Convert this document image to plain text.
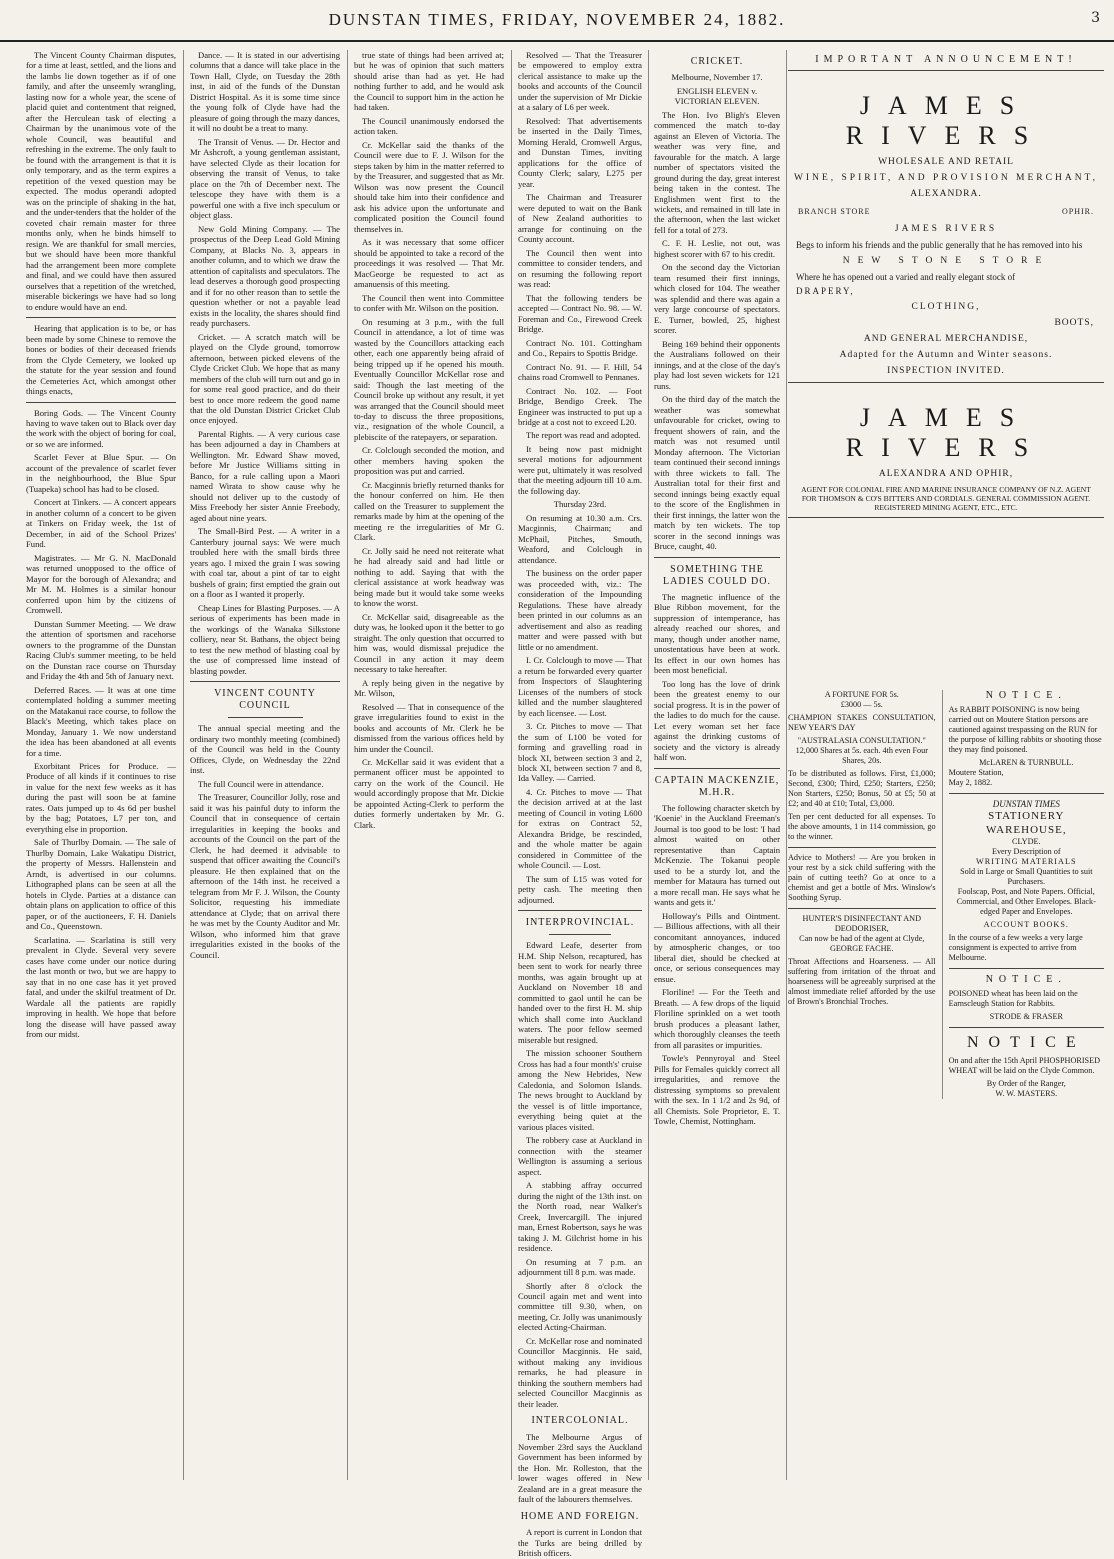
DUNSTAN TIMES, FRIDAY, NOVEMBER 24, 1882.	3

The Vincent County Chairman disputes, for a time at least, settled, and the lions and the lambs lie down together as if of one family, and after the unseemly wrangling, lasting now for a whole year, the scene of placid quiet and contentment that reigned, after the Herculean task of electing a Chairman by the unanimous vote of the whole Council, was beautiful and refreshing in the extreme. The only fault to be found with the arrangement is that it is only temporary, and as the term expires a repetition of the vexed question may be expected. The modus operandi adopted was on the principle of shaking in the hat, and the under-tenders that the holder of the coveted chair remain master for three months only, when he binds himself to resign. We are thankful for small mercies, but we should have been more thankful had the arrangement been more complete and final, and we could have then assured ourselves that a repetition of the wretched, miserable bickerings we have had so long to endure would have an end.

Hearing that application is to be, or has been made by some Chinese to remove the bones or bodies of their deceased friends from the Clyde Cemetery, we looked up the statute for the year session and found the Cemeteries Act, which amongst other things enacts,

Boring Gods. — The Vincent County having to wave taken out to Black over day the work with the object of boring for coal, or so we are informed.

Scarlet Fever at Blue Spur. — On account of the prevalence of scarlet fever in the neighbourhood, the Blue Spur (Tuapeka) school has had to be closed.

Concert at Tinkers. — A concert appears in another column of a concert to be given at Tinkers on Friday week, the 1st of December, in aid of the School Prizes' Fund.

Magistrates. — Mr G. N. MacDonald was returned unopposed to the office of Mayor for the borough of Alexandra; and Mr M. M. Holmes is a similar honour conferred upon him by the citizens of Cromwell.

Dunstan Summer Meeting. — We draw the attention of sportsmen and racehorse owners to the programme of the Dunstan Racing Club's summer meeting, to be held on the Dunstan race course on Thursday and Friday the 4th and 5th of January next.

Deferred Races. — It was at one time contemplated holding a summer meeting on the Matakanui race course, to follow the Black's Meeting, which takes place on Monday, January 1. We now understand the idea has been abandoned at all events for a time.

Exorbitant Prices for Produce. — Produce of all kinds if it continues to rise in value for the next few weeks as it has during the past will soon be at famine rates. Oats jumped up to 4s 6d per bushel by the bag; Potatoes, L7 per ton, and everything else in proportion.

Sale of Thurlby Domain. — The sale of Thurlby Domain, Lake Wakatipu District, the property of Messrs. Hallenstein and Arndt, is advertised in our columns. Lithographed plans can be seen at all the hotels in Clyde. Parties at a distance can obtain plans on application to office of this paper, or of the auctioneers, F. H. Daniels and Co., Queenstown.

Scarlatina. — Scarlatina is still very prevalent in Clyde. Several very severe cases have come under our notice during the last month or two, but we are happy to say that in no one case has it yet proved fatal, and under the skilful treatment of Dr. Wardale all the patients are rapidly improving in health. We hope that before long the disease will have passed away from our midst.

Dance. — It is stated in our advertising columns that a dance will take place in the Town Hall, Clyde, on Tuesday the 28th inst, in aid of the funds of the Dunstan District Hospital. As it is some time since the young folk of Clyde have had the pleasure of going through the mazy dances, it will no doubt be a treat to many.

The Transit of Venus. — Dr. Hector and Mr Ashcroft, a young gentleman assistant, have selected Clyde as their location for observing the transit of Venus, to take place on the 7th of December next. The telescope they have with them is a powerful one with a five inch speculum or object glass.

New Gold Mining Company. — The prospectus of the Deep Lead Gold Mining Company, at Blacks No. 3, appears in another column, and to which we draw the attention of capitalists and speculators. The lead deserves a thorough good prospecting and if for no other reason than to settle the question whether or not a payable lead exists in the locality, the shares should find ready purchasers.

Cricket. — A scratch match will be played on the Clyde ground, tomorrow afternoon, between picked elevens of the Clyde Cricket Club. We hope that as many members of the club will turn out and go in for some real good practice, and do their best to once more redeem the good name that the old Dunstan District Cricket Club once enjoyed.

Parental Rights. — A very curious case has been adjourned a day in Chambers at Wellington. Mr. Edward Shaw moved, before Mr Justice Williams sitting in Banco, for a rule calling upon a Maori named Wirata to show cause why he should not deliver up to the custody of Miss Freebody her sister Annie Freebody, aged about nine years.

The Small-Bird Pest. — A writer in a Canterbury journal says: We were much troubled here with the small birds three years ago. I mixed the grain I was sowing with coal tar, about a pint of tar to eight bushels of grain; first emptied the grain out on a floor as I wanted it properly.

Cheap Lines for Blasting Purposes. — A serious of experiments has been made in the workings of the Wanaka Silkstone colliery, near St. Bathans, the object being to test the new method of blasting coal by the use of compressed lime instead of blasting powder.

VINCENT COUNTY COUNCIL

The annual special meeting and the ordinary two monthly meeting (combined) of the Council was held in the County Offices, Clyde, on Wednesday the 22nd inst.

The full Council were in attendance.

The Treasurer, Councillor Jolly, rose and said it was his painful duty to inform the Council that in consequence of certain irregularities in keeping the books and accounts of the Council on the part of the Clerk, he had deemed it advisable to suspend that officer awaiting the Council's pleasure. He then explained that on the afternoon of the 14th inst. he received a telegram from Mr F. J. Wilson, the County Solicitor, requesting his immediate attendance at Clyde; that on arrival there he was met by the County Auditor and Mr. Wilson, who informed him that grave irregularities existed in the books of the Council.

true state of things had been arrived at; but he was of opinion that such matters should arise than had as yet. He had nothing further to add, and he would ask the Council to support him in the action he had taken.

The Council unanimously endorsed the action taken.

Cr. McKellar said the thanks of the Council were due to F. J. Wilson for the steps taken by him in the matter referred to by the Treasurer, and suggested that as Mr. Wilson was now present the Council should take him into their confidence and ask his advice upon the unfortunate and complicated position the Council found themselves in.

As it was necessary that some officer should be appointed to take a record of the proceedings it was resolved — That Mr. MacGeorge be requested to act as amanuensis of this meeting.

The Council then went into Committee to confer with Mr. Wilson on the position.

On resuming at 3 p.m., with the full Council in attendance, a lot of time was wasted by the Councillors attacking each other, each one apparently being afraid of being tripped up if he opened his mouth. Eventually Councillor McKellar rose and said: Though the last meeting of the Council broke up without any result, it yet was arranged that the Council should meet to-day to discuss the three propositions, viz., resignation of the whole Council, a plebiscite of the ratepayers, or separation.

Cr. Colclough seconded the motion, and other members having spoken the proposition was put and carried.

Cr. Macginnis briefly returned thanks for the honour conferred on him. He then called on the Treasurer to supplement the remarks made by him at the opening of the meeting re the irregularities of Mr G. Clark.

Cr. Jolly said he need not reiterate what he had already said and had little or nothing to add. Saying that with the clerical assistance at work headway was being made but it would take some weeks to know the worst.

Cr. McKellar said, disagreeable as the duty was, he looked upon it the better to go straight. The only question that occurred to him was, would dismissal prejudice the Council in any action it may deem necessary to take hereafter.

A reply being given in the negative by Mr. Wilson,

Resolved — That in consequence of the grave irregularities found to exist in the books and accounts of Mr. Clerk he be dismissed from the various offices held by him under the Council.

Cr. McKellar said it was evident that a permanent officer must be appointed to carry on the work of the Council. He would accordingly propose that Mr. Dickie be appointed Acting-Clerk to perform the duties formerly undertaken by Mr. G. Clark.

Resolved — That the Treasurer be empowered to employ extra clerical assistance to make up the books and accounts of the Council under the supervision of Mr Dickie at a salary of L6 per week.

Resolved: That advertisements be inserted in the Daily Times, Morning Herald, Cromwell Argus, and Dunstan Times, inviting applications for the office of County Clerk; salary, L275 per year.

The Chairman and Treasurer were deputed to wait on the Bank of New Zealand authorities to arrange for continuing on the County account.

The Council then went into committee to consider tenders, and on resuming the following report was read:

That the following tenders be accepted — Contract No. 98. — W. Foreman and Co., Firewood Creek Bridge.

Contract No. 101. Cottingham and Co., Repairs to Spottis Bridge.

Contract No. 91. — F. Hill, 54 chains road Cromwell to Pennanes.

Contract No. 102. — Foot Bridge, Bendigo Creek. The Engineer was instructed to put up a bridge at a cost not to exceed L20.

The report was read and adopted.

It being now past midnight several motions for adjournment were put, ultimately it was resolved that the meeting adjourn till 10 a.m. the following day.

Thursday 23rd.

On resuming at 10.30 a.m. Crs. Macginnis, Chairman; and McPhail, Pitches, Smouth, Weaford, and Colclough in attendance.

The business on the order paper was proceeded with, viz.: The consideration of the Impounding Regulations. These have already been printed in our columns as an advertisement and also as reading matter and were passed with but little or no amendment.

I. Cr. Colclough to move — That a return be forwarded every quarter from Inspectors of Slaughtering Licenses of the numbers of stock killed and the number slaughtered by each licensee. — Lost.

3. Cr. Pitches to move — That the sum of L100 be voted for forming and gravelling road in block XI, between section 3 and 2, block XI, between section 7 and 8, Ida Valley. — Carried.

4. Cr. Pitches to move — That the decision arrived at at the last meeting of Council in voting L600 for extras on Contract 52, Alexandra Bridge, be rescinded, and the whole matter be again considered in Committee of the whole Council. — Lost.

The sum of L15 was voted for petty cash. The meeting then adjourned.

INTERPROVINCIAL.

Edward Leafe, deserter from H.M. Ship Nelson, recaptured, has been sent to work for nearly three months, was again brought up at Auckland on November 18 and committed to gaol until he can be handed over to the first H. M. ship which shall come into Auckland waters. The poor fellow seemed miserable but resigned.

The mission schooner Southern Cross has had a four month's' cruise among the New Hebrides, New Caledonia, and Solomon Islands. The news brought to Auckland by the vessel is of little importance, everything being quiet at the various places visited.

The robbery case at Auckland in connection with the steamer Wellington is assuming a serious aspect.

A stabbing affray occurred during the night of the 13th inst. on the North road, near Walker's Creek, Invercargill. The injured man, Ernest Robertson, says he was taking J. M. Gilchrist home in his residence.

On resuming at 7 p.m. an adjournment till 8 p.m. was made.

Shortly after 8 o'clock the Council again met and went into committee till 9.30, when, on meeting, Cr. Jolly was unanimously elected Acting-Chairman.

Cr. McKellar rose and nominated Councillor Macginnis. He said, without making any invidious remarks, he had pleasure in thinking the southern members had selected Councillor Macginnis as their leader.

INTERCOLONIAL.

The Melbourne Argus of November 23rd says the Auckland Government has been informed by the Hon. Mr. Rolleston, that the lower wages offered in New Zealand are in a great measure the fault of the labourers themselves.

HOME AND FOREIGN.

A report is current in London that the Turks are being drilled by British officers.

CRICKET.
Melbourne, November 17.
ENGLISH ELEVEN v. VICTORIAN ELEVEN.

The Hon. Ivo Bligh's Eleven commenced the match to-day against an Eleven of Victoria. The weather was very fine, and favourable for the match. A large number of spectators visited the ground during the day, great interest being taken in the contest. The Englishmen went first to the wickets, and remained in till late in the afternoon, when the last wicket fell for a total of 273.

C. F. H. Leslie, not out, was highest scorer with 67 to his credit.

On the second day the Victorian team resumed their first innings, which closed for 104. The weather was splendid and there was again a very large concourse of spectators. E. Turner, bowled, 25, highest scorer.

Being 169 behind their opponents the Australians followed on their innings, and at the close of the day's play had lost seven wickets for 121 runs.

On the third day of the match the weather was somewhat unfavourable for cricket, owing to frequent showers of rain, and the match was not resumed until Monday afternoon. The Victorian team continued their second innings with three wickets to fall. The Australian total for their first and second innings being exactly equal to the score of the Englishmen in their first innings, the latter won the match by ten wickets. The top scorer in the second innings was Bruce, caught, 40.

SOMETHING THE LADIES COULD DO.

The magnetic influence of the Blue Ribbon movement, for the suppression of intemperance, has already reached our shores, and many, though under another name, unostentatious have been at work. Its effect in our own homes has been most beneficial.

Too long has the love of drink been the greatest enemy to our social progress. It is in the power of the ladies to do much for the cause. Let every woman set her face against the drinking customs of society and the victory is already half won.

CAPTAIN MACKENZIE, M.H.R.

The following character sketch by 'Koenie' in the Auckland Freeman's Journal is too good to be lost: 'I had almost waited on other representative than Captain McKenzie. The Tokanui people used to be a sturdy lot, and the member for Mataura has turned out a more recall man. He says what he wants and gets it.'

Holloway's Pills and Ointment. — Billious affections, with all their concomitant annoyances, induced by atmospheric changes, or too liberal diet, should be checked at once, or serious consequences may ensue.

Floriline! — For the Teeth and Breath. — A few drops of the liquid Floriline sprinkled on a wet tooth brush produces a pleasant lather, which thoroughly cleanses the teeth from all parasites or impurities.

Towle's Pennyroyal and Steel Pills for Females quickly correct all irregularities, and remove the distressing symptoms so prevalent with the sex. In 1 1/2 and 2s 9d, of all Chemists. Sole Proprietor, E. T. Towle, Chemist, Nottingham.

IMPORTANT ANNOUNCEMENT!
JAMES RIVERS
WHOLESALE AND RETAIL
WINE, SPIRIT, AND PROVISION MERCHANT,
ALEXANDRA.
BRANCH STORE	OPHIR.
JAMES RIVERS
Begs to inform his friends and the public generally that he has removed into his
NEW STONE STORE
Where he has opened out a varied and really elegant stock of
DRAPERY,
CLOTHING,
BOOTS,
AND GENERAL MERCHANDISE,
Adapted for the Autumn and Winter seasons.
INSPECTION INVITED.
JAMES RIVERS
ALEXANDRA AND OPHIR,
AGENT FOR COLONIAL FIRE AND MARINE INSURANCE COMPANY OF N.Z. AGENT FOR THOMSON & CO'S BITTERS AND CORDIALS. GENERAL COMMISSION AGENT. REGISTERED MINING AGENT, ETC., ETC.
A FORTUNE FOR 5s.
£3000 — 5s.

CHAMPION STAKES CONSULTATION, NEW YEAR'S DAY

"AUSTRALASIA CONSULTATION."
12,000 Shares at 5s. each. 4th even Four Shares, 20s.

To be distributed as follows. First, £1,000; Second, £300; Third, £250; Starters, £250; Non Starters, £250; Bonus, 50 at £5; 50 at £2; and 40 at £10; Total, £3,000.

Ten per cent deducted for all expenses. To the above amounts, 1 in 114 commission, go to the winner.

Advice to Mothers! — Are you broken in your rest by a sick child suffering with the pain of cutting teeth? Go at once to a chemist and get a bottle of Mrs. Winslow's Soothing Syrup.

HUNTER'S DISINFECTANT AND DEODORISER,
Can now be had of the agent at Clyde,
GEORGE FACHE.

Throat Affections and Hoarseness. — All suffering from irritation of the throat and hoarseness will be agreeably surprised at the almost immediate relief afforded by the use of Brown's Bronchial Troches.

NOTICE.

As RABBIT POISONING is now being carried out on Moutere Station persons are cautioned against trespassing on the RUN for the purpose of killing rabbits or shooting those they may find poisoned.

McLAREN & TURNBULL.
Moutere Station,
May 2, 1882.
DUNSTAN TIMES
STATIONERY WAREHOUSE,
CLYDE.
Every Description of
WRITING MATERIALS
Sold in Large or Small Quantities to suit Purchasers.
Foolscap, Post, and Note Papers. Official, Commercial, and Other Envelopes. Black-edged Paper and Envelopes.
ACCOUNT BOOKS.

In the course of a few weeks a very large consignment is expected to arrive from Melbourne.

NOTICE.

POISONED wheat has been laid on the Earnscleugh Station for Rabbits.

STRODE & FRASER
NOTICE

On and after the 15th April PHOSPHORISED WHEAT will be laid on the Clyde Common.

By Order of the Ranger,
W. W. MASTERS.
